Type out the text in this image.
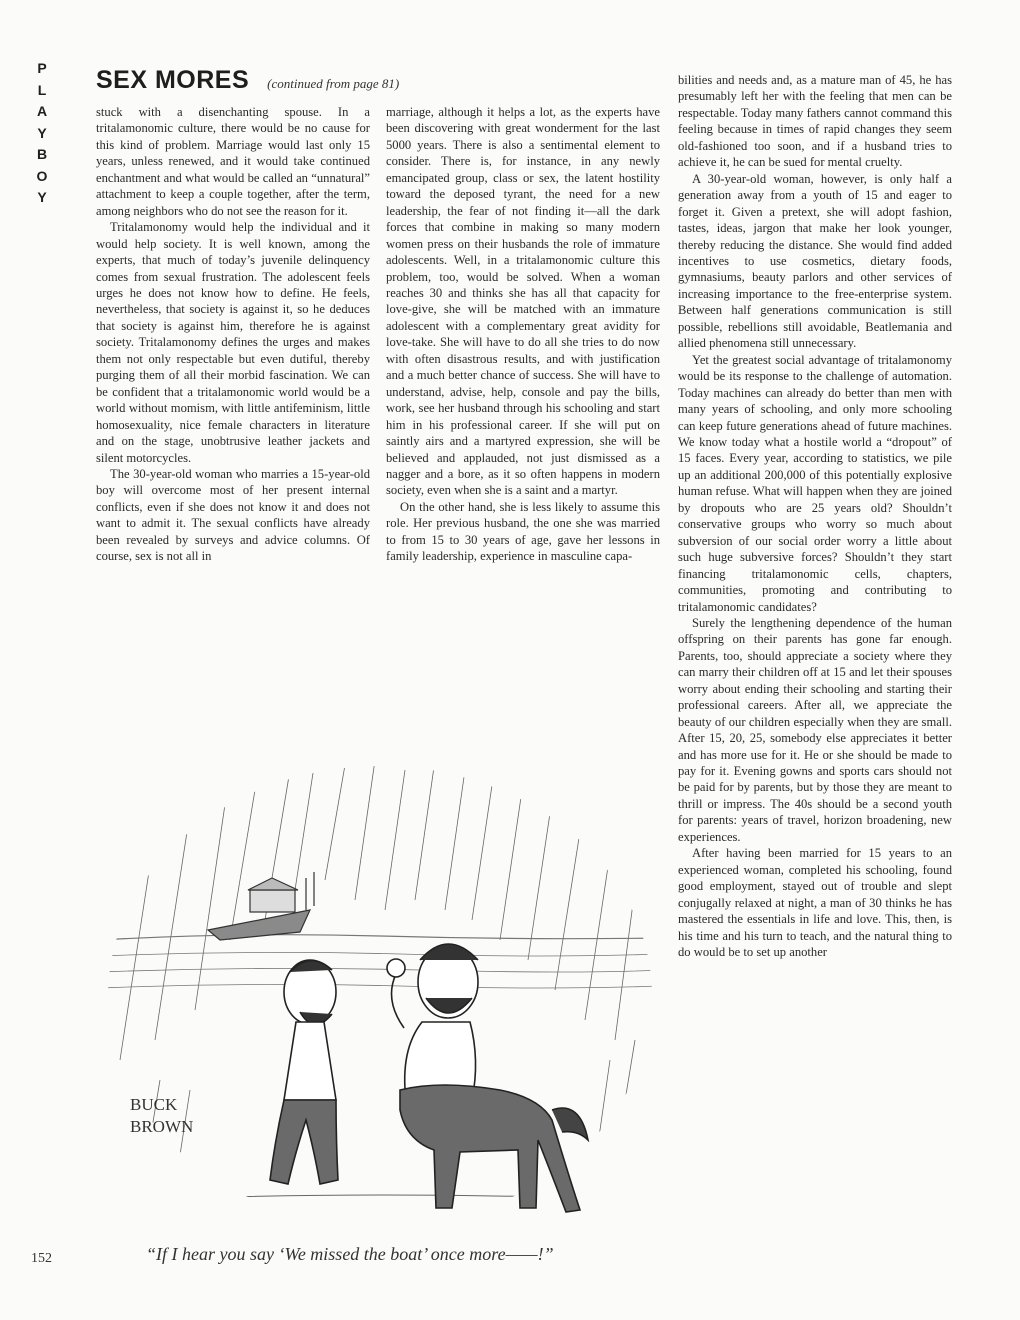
P
L
A
Y
B
O
Y
SEX MORES (continued from page 81)

stuck with a disenchanting spouse. In a tritalamonomic culture, there would be no cause for this kind of problem. Marriage would last only 15 years, unless renewed, and it would take continued enchantment and what would be called an “unnatural” attachment to keep a couple together, after the term, among neighbors who do not see the reason for it.

Tritalamonomy would help the individual and it would help society. It is well known, among the experts, that much of today’s juvenile delinquency comes from sexual frustration. The adolescent feels urges he does not know how to define. He feels, nevertheless, that society is against it, so he deduces that society is against him, therefore he is against society. Tritalamonomy defines the urges and makes them not only respectable but even dutiful, thereby purging them of all their morbid fascination. We can be confident that a tritalamonomic world would be a world without momism, with little antifeminism, little homosexuality, nice female characters in literature and on the stage, unobtrusive leather jackets and silent motorcycles.

The 30-year-old woman who marries a 15-year-old boy will overcome most of her present internal conflicts, even if she does not know it and does not want to admit it. The sexual conflicts have already been revealed by surveys and advice columns. Of course, sex is not all in

marriage, although it helps a lot, as the experts have been discovering with great wonderment for the last 5000 years. There is also a sentimental element to consider. There is, for instance, in any newly emancipated group, class or sex, the latent hostility toward the deposed tyrant, the need for a new leadership, the fear of not finding it—all the dark forces that combine in making so many modern women press on their husbands the role of immature adolescents. Well, in a tritalamonomic culture this problem, too, would be solved. When a woman reaches 30 and thinks she has all that capacity for love-give, she will be matched with an immature adolescent with a complementary great avidity for love-take. She will have to do all she tries to do now with often disastrous results, and with justification and a much better chance of success. She will have to understand, advise, help, console and pay the bills, work, see her husband through his schooling and start him in his professional career. If she will put on saintly airs and a martyred expression, she will be believed and applauded, not just dismissed as a nagger and a bore, as it so often happens in modern society, even when she is a saint and a martyr.

On the other hand, she is less likely to assume this role. Her previous husband, the one she was married to from 15 to 30 years of age, gave her lessons in family leadership, experience in masculine capa-

bilities and needs and, as a mature man of 45, he has presumably left her with the feeling that men can be respectable. Today many fathers cannot command this feeling because in times of rapid changes they seem old-fashioned too soon, and if a husband tries to achieve it, he can be sued for mental cruelty.

A 30-year-old woman, however, is only half a generation away from a youth of 15 and eager to forget it. Given a pretext, she will adopt fashion, tastes, ideas, jargon that make her look younger, thereby reducing the distance. She would find added incentives to use cosmetics, dietary foods, gymnasiums, beauty parlors and other services of increasing importance to the free-enterprise system. Between half generations communication is still possible, rebellions still avoidable, Beatlemania and allied phenomena still unnecessary.

Yet the greatest social advantage of tritalamonomy would be its response to the challenge of automation. Today machines can already do better than men with many years of schooling, and only more schooling can keep future generations ahead of future machines. We know today what a hostile world a “dropout” of 15 faces. Every year, according to statistics, we pile up an additional 200,000 of this potentially explosive human refuse. What will happen when they are joined by dropouts who are 25 years old? Shouldn’t conservative groups who worry so much about subversion of our social order worry a little about such huge subversive forces? Shouldn’t they start financing tritalamonomic cells, chapters, communities, promoting and contributing to tritalamonomic candidates?

Surely the lengthening dependence of the human offspring on their parents has gone far enough. Parents, too, should appreciate a society where they can marry their children off at 15 and let their spouses worry about ending their schooling and starting their professional careers. After all, we appreciate the beauty of our children especially when they are small. After 15, 20, 25, somebody else appreciates it better and has more use for it. He or she should be made to pay for it. Evening gowns and sports cars should not be paid for by parents, but by those they are meant to thrill or impress. The 40s should be a second youth for parents: years of travel, horizon broadening, new experiences.

After having been married for 15 years to an experienced woman, completed his schooling, found good employment, stayed out of trouble and slept conjugally relaxed at night, a man of 30 thinks he has mastered the essentials in life and love. This, then, is his time and his turn to teach, and the natural thing to do would be to set up another

BUCK
BROWN
“If I hear you say ‘We missed the boat’ once more——!”
152
